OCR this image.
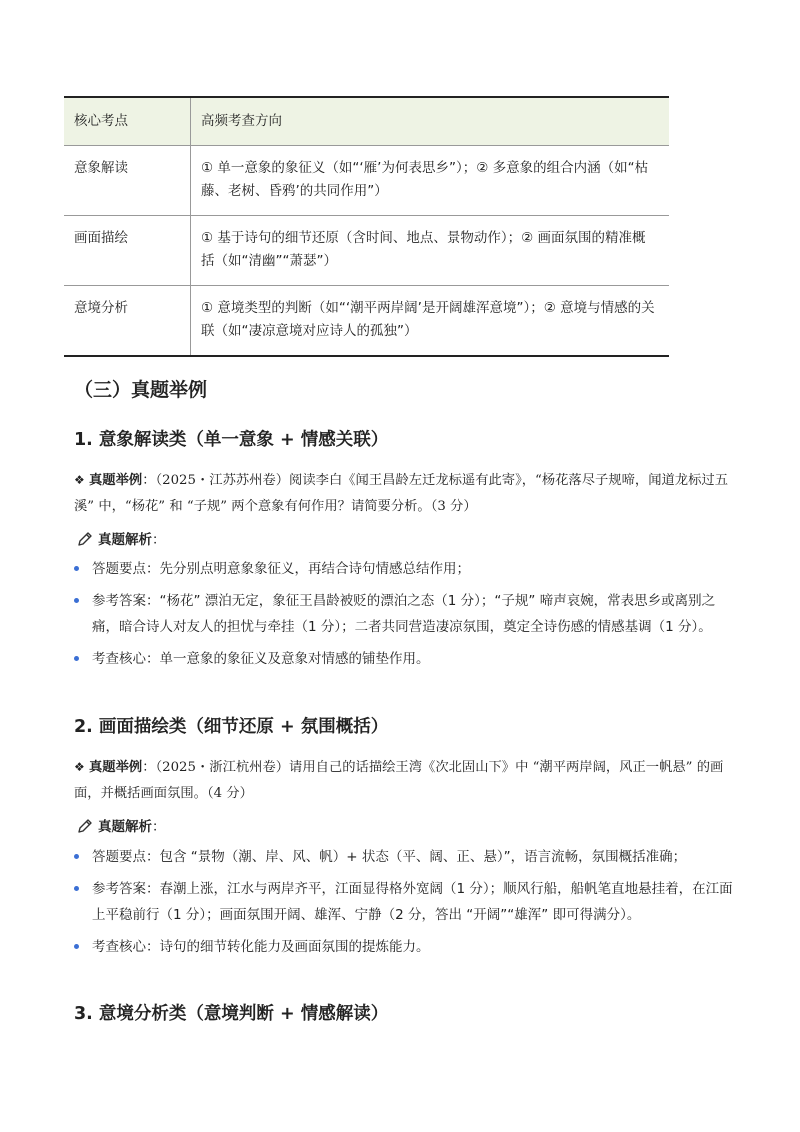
核心考点	高频考查方向
意象解读	① 单一意象的象征义（如“‘雁’为何表思乡”）；② 多意象的组合内涵（如“枯藤、老树、昏鸦’的共同作用”）
画面描绘	① 基于诗句的细节还原（含时间、地点、景物动作）；② 画面氛围的精准概括（如“清幽”“萧瑟”）
意境分析	① 意境类型的判断（如“‘潮平两岸阔’是开阔雄浑意境”）；② 意境与情感的关联（如“凄凉意境对应诗人的孤独”）
（三）真题举例
1. 意象解读类（单一意象 + 情感关联）
❖ 真题举例：（2025・江苏苏州卷）阅读李白《闻王昌龄左迁龙标遥有此寄》，“杨花落尽子规啼，闻道龙标过五溪” 中，“杨花” 和 “子规” 两个意象有何作用？请简要分析。（3 分）
真题解析：
答题要点：先分别点明意象象征义，再结合诗句情感总结作用；
参考答案：“杨花” 漂泊无定，象征王昌龄被贬的漂泊之态（1 分）；“子规” 啼声哀婉，常表思乡或离别之痛，暗合诗人对友人的担忧与牵挂（1 分）；二者共同营造凄凉氛围，奠定全诗伤感的情感基调（1 分）。
考查核心：单一意象的象征义及意象对情感的铺垫作用。
2. 画面描绘类（细节还原 + 氛围概括）
❖ 真题举例：（2025・浙江杭州卷）请用自己的话描绘王湾《次北固山下》中 “潮平两岸阔，风正一帆悬” 的画面，并概括画面氛围。（4 分）
真题解析：
答题要点：包含 “景物（潮、岸、风、帆）+ 状态（平、阔、正、悬）”，语言流畅，氛围概括准确；
参考答案：春潮上涨，江水与两岸齐平，江面显得格外宽阔（1 分）；顺风行船，船帆笔直地悬挂着，在江面上平稳前行（1 分）；画面氛围开阔、雄浑、宁静（2 分，答出 “开阔”“雄浑” 即可得满分）。
考查核心：诗句的细节转化能力及画面氛围的提炼能力。
3. 意境分析类（意境判断 + 情感解读）
